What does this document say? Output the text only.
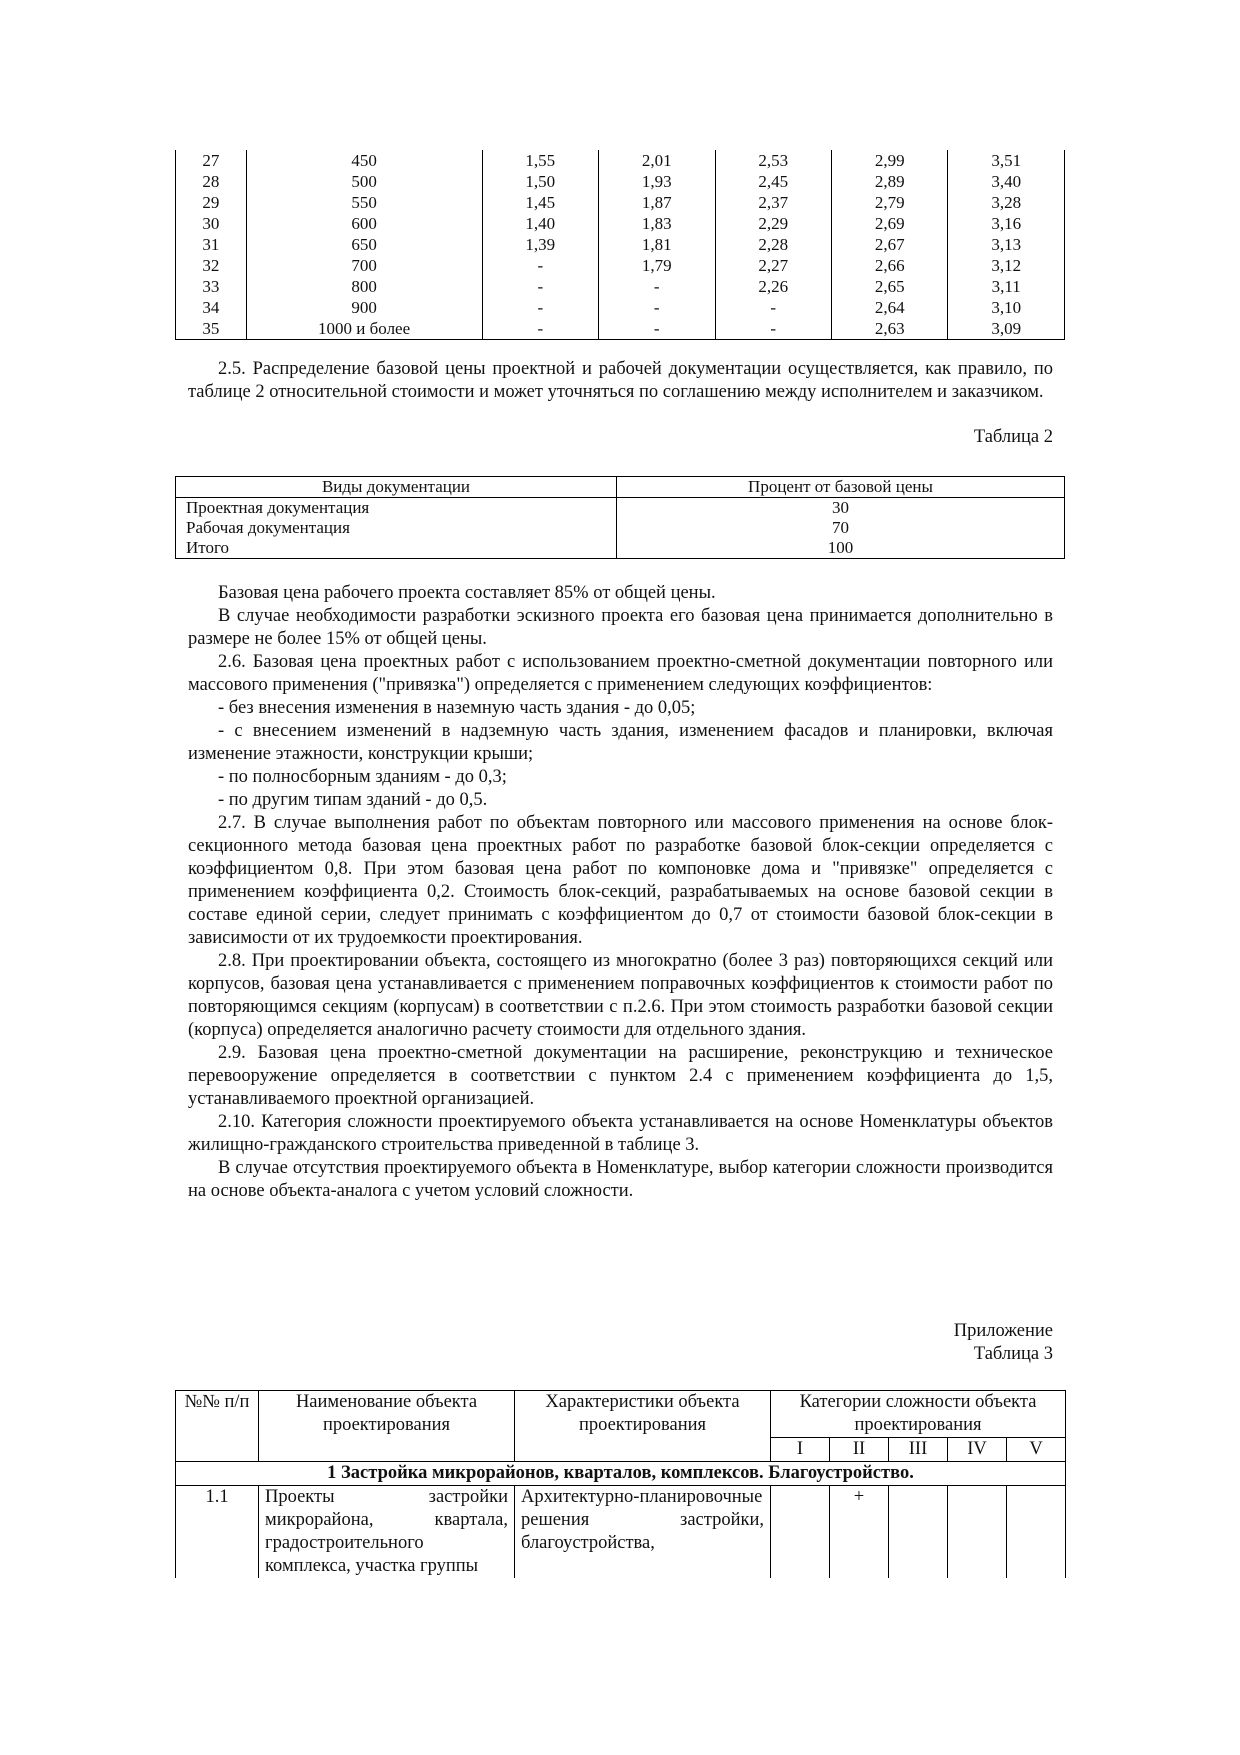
27	450	1,55	2,01	2,53	2,99	3,51
28	500	1,50	1,93	2,45	2,89	3,40
29	550	1,45	1,87	2,37	2,79	3,28
30	600	1,40	1,83	2,29	2,69	3,16
31	650	1,39	1,81	2,28	2,67	3,13
32	700	-	1,79	2,27	2,66	3,12
33	800	-	-	2,26	2,65	3,11
34	900	-	-	-	2,64	3,10
35	1000 и более	-	-	-	2,63	3,09

2.5. Распределение базовой цены проектной и рабочей документации осуществляется, как правило, по таблице 2 относительной стоимости и может уточняться по соглашению между исполнителем и заказчиком.

Таблица 2
Виды документации	Процент от базовой цены
Проектная документация	30
Рабочая документация	70
Итого	100

Базовая цена рабочего проекта составляет 85% от общей цены.

В случае необходимости разработки эскизного проекта его базовая цена принимается дополнительно в размере не более 15% от общей цены.

2.6. Базовая цена проектных работ с использованием проектно-сметной документации повторного или массового применения ("привязка") определяется с применением следующих коэффициентов:

- без внесения изменения в наземную часть здания - до 0,05;

- с внесением изменений в надземную часть здания, изменением фасадов и планировки, включая изменение этажности, конструкции крыши;

- по полносборным зданиям - до 0,3;

- по другим типам зданий - до 0,5.

2.7. В случае выполнения работ по объектам повторного или массового применения на основе блок-секционного метода базовая цена проектных работ по разработке базовой блок-секции определяется с коэффициентом 0,8. При этом базовая цена работ по компоновке дома и "привязке" определяется с применением коэффициента 0,2. Стоимость блок-секций, разрабатываемых на основе базовой секции в составе единой серии, следует принимать с коэффициентом до 0,7 от стоимости базовой блок-секции в зависимости от их трудоемкости проектирования.

2.8. При проектировании объекта, состоящего из многократно (более 3 раз) повторяющихся секций или корпусов, базовая цена устанавливается с применением поправочных коэффициентов к стоимости работ по повторяющимся секциям (корпусам) в соответствии с п.2.6. При этом стоимость разработки базовой секции (корпуса) определяется аналогично расчету стоимости для отдельного здания.

2.9. Базовая цена проектно-сметной документации на расширение, реконструкцию и техническое перевооружение определяется в соответствии с пунктом 2.4 с применением коэффициента до 1,5, устанавливаемого проектной организацией.

2.10. Категория сложности проектируемого объекта устанавливается на основе Номенклатуры объектов жилищно-гражданского строительства приведенной в таблице 3.

В случае отсутствия проектируемого объекта в Номенклатуре, выбор категории сложности производится на основе объекта-аналога с учетом условий сложности.

Приложение
Таблица 3
№№ п/п	Наименование объекта проектирования	Характеристики объекта проектирования	Категории сложности объекта проектирования				
			I	II	III	IV	V
1 Застройка микрорайонов, кварталов, комплексов. Благоустройство.							
1.1	Проекты застройки микрорайона, квартала, градостроительного комплекса, участка группы	Архитектурно-планировочные решения застройки, благоустройства,		+			
